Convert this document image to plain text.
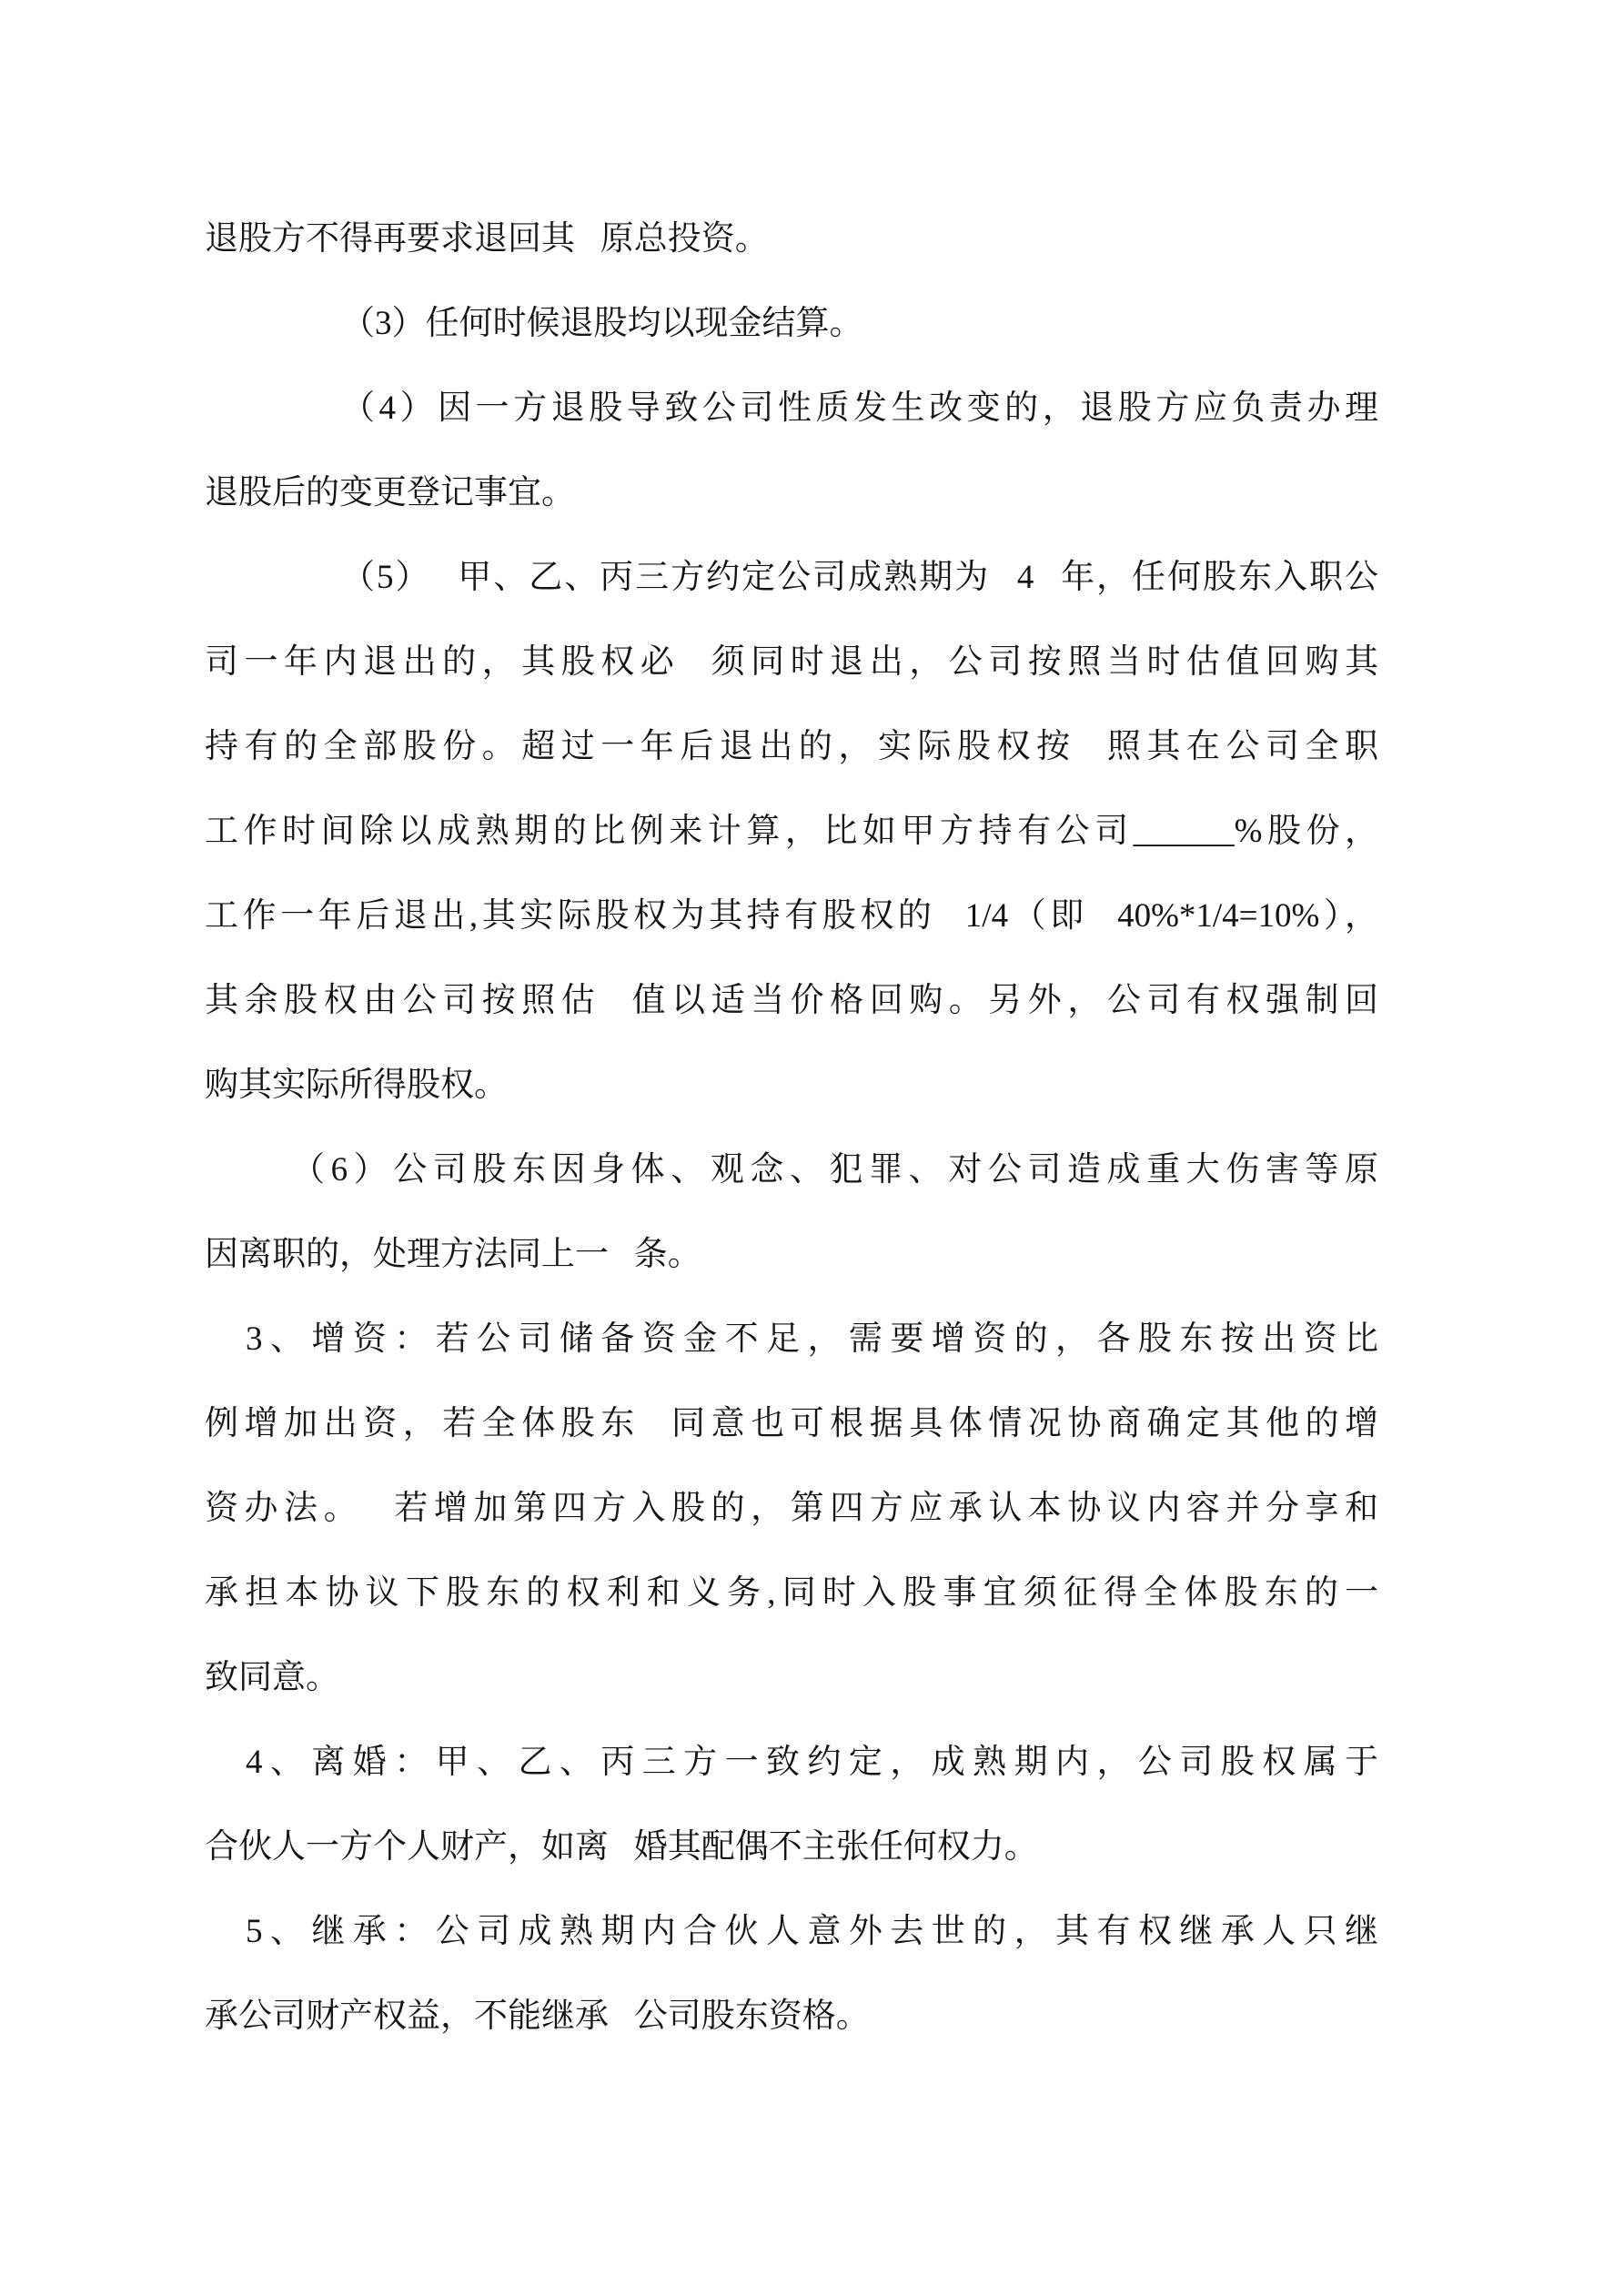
退股方不得再要求退回其 原总投资。
（3）任何时候退股均以现金结算。
（4）因一方退股导致公司性质发生改变的，退股方应负责办理
退股后的变更登记事宜。
（5） 甲、乙、丙三方约定公司成熟期为 4 年，任何股东入职公
司一年内退出的，其股权必 须同时退出，公司按照当时估值回购其
持有的全部股份。超过一年后退出的，实际股权按 照其在公司全职
工作时间除以成熟期的比例来计算，比如甲方持有公司______%股份，
工作一年后退出,其实际股权为其持有股权的 1/4（即 40%*1/4=10%），
其余股权由公司按照估 值以适当价格回购。另外，公司有权强制回
购其实际所得股权。
（6）公司股东因身体、观念、犯罪、对公司造成重大伤害等原
因离职的，处理方法同上一 条。
3、增资：若公司储备资金不足，需要增资的，各股东按出资比
例增加出资，若全体股东 同意也可根据具体情况协商确定其他的增
资办法。 若增加第四方入股的，第四方应承认本协议内容并分享和
承担本协议下股东的权利和义务,同时入股事宜须征得全体股东的一
致同意。
4、离婚：甲、乙、丙三方一致约定，成熟期内，公司股权属于
合伙人一方个人财产，如离 婚其配偶不主张任何权力。
5、继承：公司成熟期内合伙人意外去世的，其有权继承人只继
承公司财产权益，不能继承 公司股东资格。
